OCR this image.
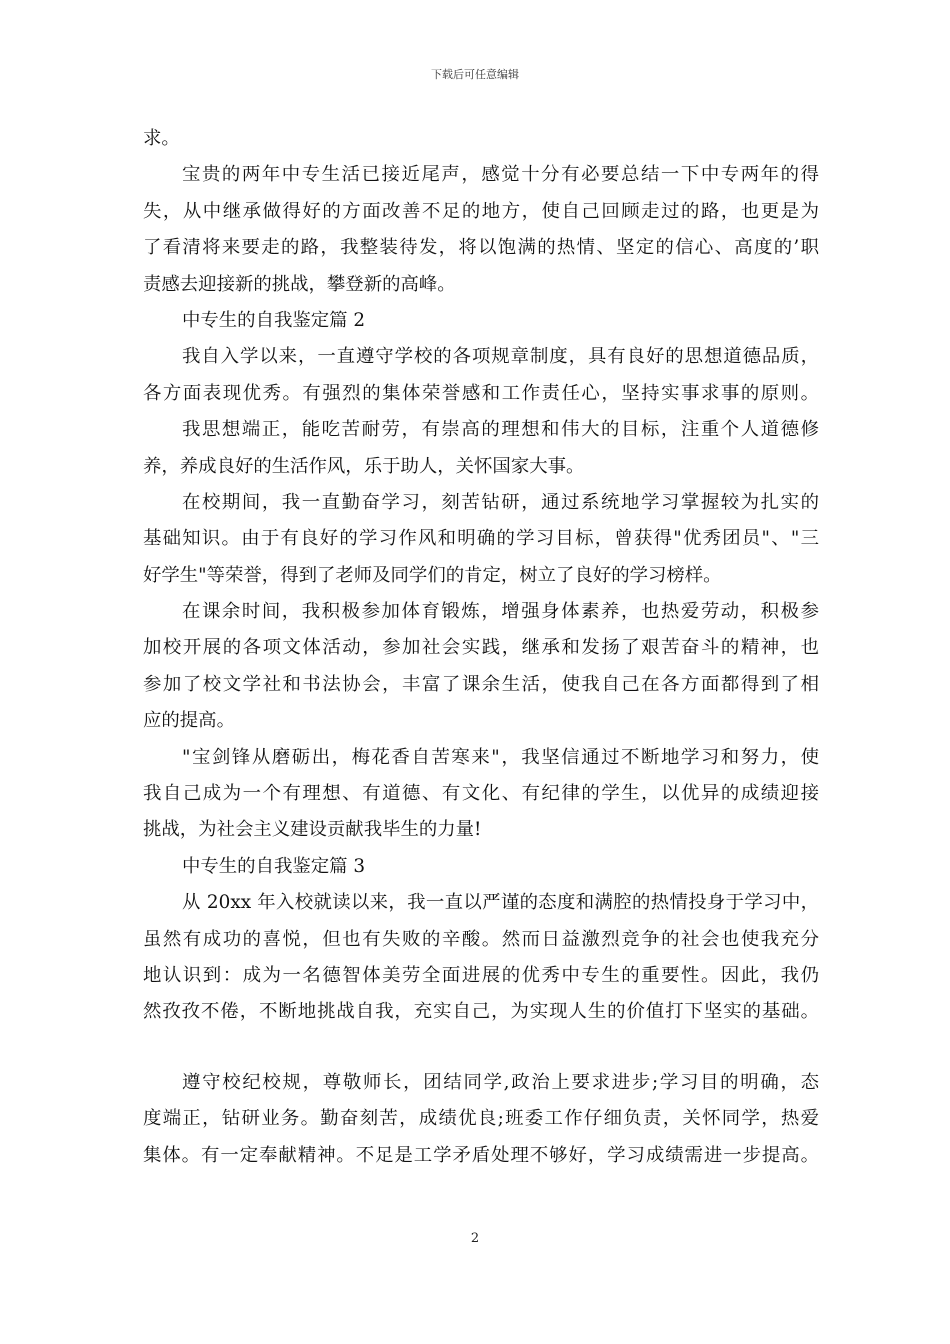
下载后可任意编辑
求。
宝贵的两年中专生活已接近尾声，感觉十分有必要总结一下中专两年的得
失，从中继承做得好的方面改善不足的地方，使自己回顾走过的路，也更是为
了看清将来要走的路，我整装待发，将以饱满的热情、坚定的信心、高度的’职
责感去迎接新的挑战，攀登新的高峰。
中专生的自我鉴定篇 2
我自入学以来，一直遵守学校的各项规章制度，具有良好的思想道德品质，
各方面表现优秀。有强烈的集体荣誉感和工作责任心，坚持实事求事的原则。
我思想端正，能吃苦耐劳，有崇高的理想和伟大的目标，注重个人道德修
养，养成良好的生活作风，乐于助人，关怀国家大事。
在校期间，我一直勤奋学习，刻苦钻研，通过系统地学习掌握较为扎实的
基础知识。由于有良好的学习作风和明确的学习目标，曾获得"优秀团员"、"三
好学生"等荣誉，得到了老师及同学们的肯定，树立了良好的学习榜样。
在课余时间，我积极参加体育锻炼，增强身体素养，也热爱劳动，积极参
加校开展的各项文体活动，参加社会实践，继承和发扬了艰苦奋斗的精神，也
参加了校文学社和书法协会，丰富了课余生活，使我自己在各方面都得到了相
应的提高。
"宝剑锋从磨砺出，梅花香自苦寒来"，我坚信通过不断地学习和努力，使
我自己成为一个有理想、有道德、有文化、有纪律的学生，以优异的成绩迎接
挑战，为社会主义建设贡献我毕生的力量!
中专生的自我鉴定篇 3
从 20xx 年入校就读以来，我一直以严谨的态度和满腔的热情投身于学习中，
虽然有成功的喜悦，但也有失败的辛酸。然而日益激烈竞争的社会也使我充分
地认识到：成为一名德智体美劳全面进展的优秀中专生的重要性。因此，我仍
然孜孜不倦，不断地挑战自我，充实自己，为实现人生的价值打下坚实的基础。
遵守校纪校规，尊敬师长，团结同学,政治上要求进步;学习目的明确，态
度端正，钻研业务。勤奋刻苦，成绩优良;班委工作仔细负责，关怀同学，热爱
集体。有一定奉献精神。不足是工学矛盾处理不够好，学习成绩需进一步提高。
2
